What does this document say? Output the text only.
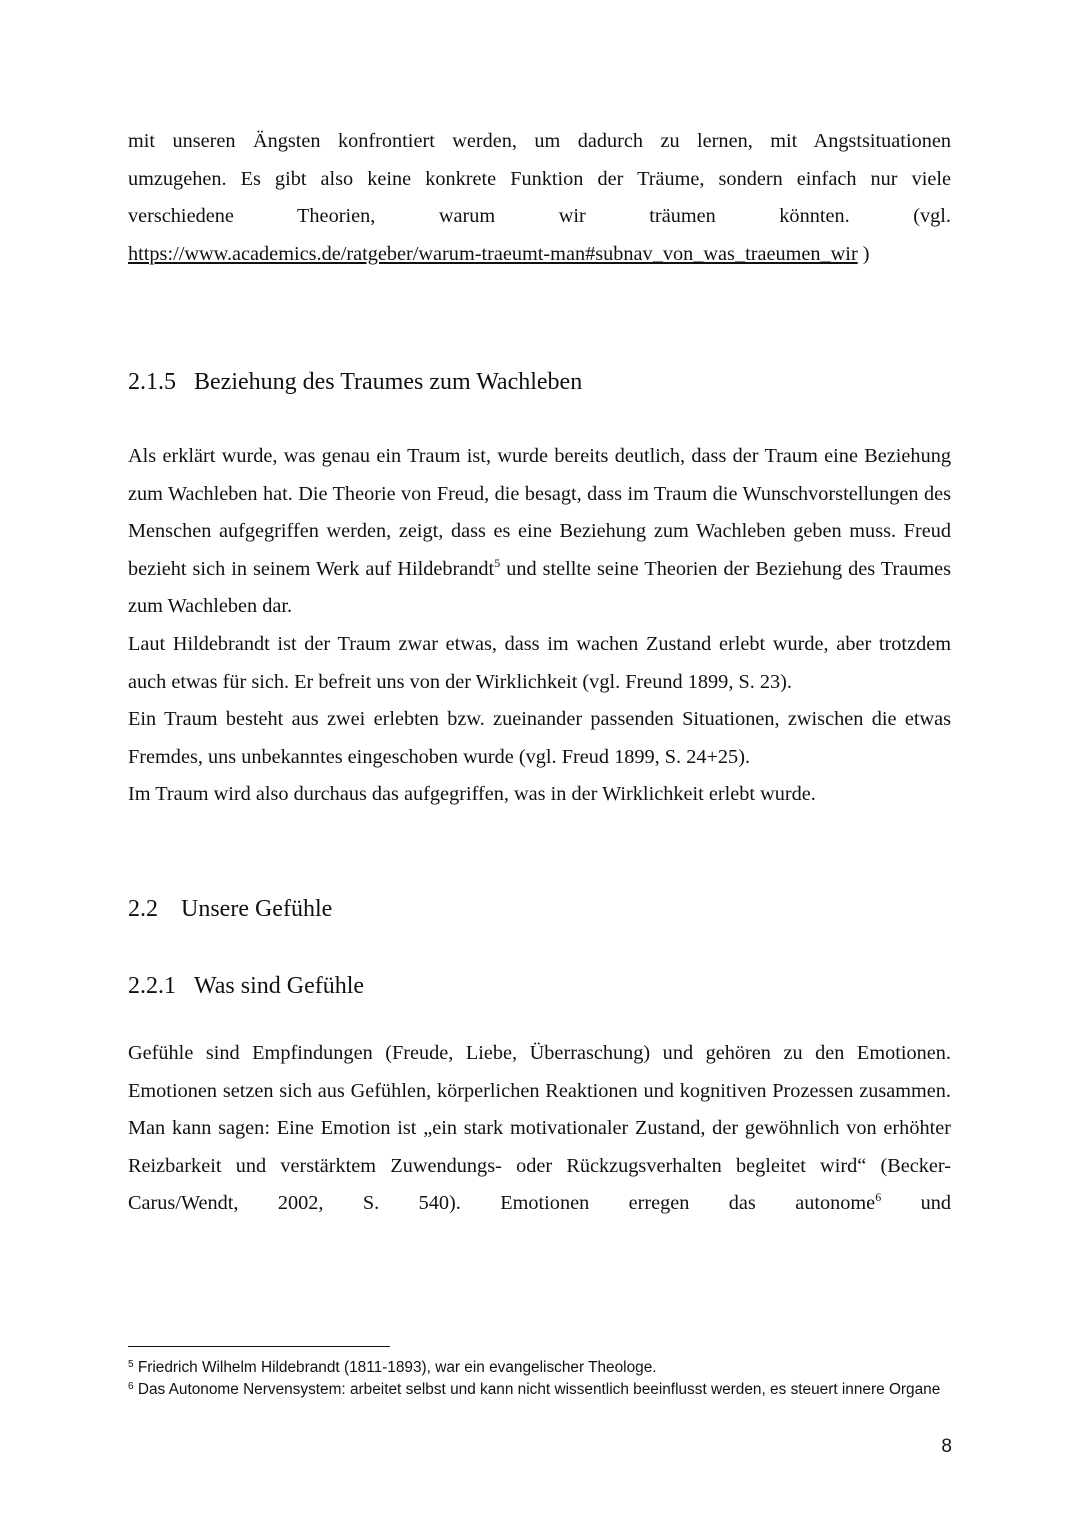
mit unseren Ängsten konfrontiert werden, um dadurch zu lernen, mit Angstsituationen

umzugehen. Es gibt also keine konkrete Funktion der Träume, sondern einfach nur viele

verschiedene Theorien, warum wir träumen könnten. (vgl.

https://www.academics.de/ratgeber/warum-traeumt-man#subnav_von_was_traeumen_wir )

2.1.5 Beziehung des Traumes zum Wachleben

Als erklärt wurde, was genau ein Traum ist, wurde bereits deutlich, dass der Traum eine Beziehung zum Wachleben hat. Die Theorie von Freud, die besagt, dass im Traum die Wunschvorstellungen des Menschen aufgegriffen werden, zeigt, dass es eine Beziehung zum Wachleben geben muss. Freud bezieht sich in seinem Werk auf Hildebrandt$^5$ und stellte seine Theorien der Beziehung des Traumes zum Wachleben dar.

Laut Hildebrandt ist der Traum zwar etwas, dass im wachen Zustand erlebt wurde, aber trotzdem auch etwas für sich. Er befreit uns von der Wirklichkeit (vgl. Freund 1899, S. 23).

Ein Traum besteht aus zwei erlebten bzw. zueinander passenden Situationen, zwischen die etwas Fremdes, uns unbekanntes eingeschoben wurde (vgl. Freud 1899, S. 24+25).

Im Traum wird also durchaus das aufgegriffen, was in der Wirklichkeit erlebt wurde.

2.2 Unsere Gefühle
2.2.1 Was sind Gefühle

Gefühle sind Empfindungen (Freude, Liebe, Überraschung) und gehören zu den Emotionen. Emotionen setzen sich aus Gefühlen, körperlichen Reaktionen und kognitiven Prozessen zusammen. Man kann sagen: Eine Emotion ist „ein stark motivationaler Zustand, der gewöhnlich von erhöhter Reizbarkeit und verstärktem Zuwendungs- oder Rückzugsverhalten begleitet wird“ (Becker-Carus/Wendt, 2002, S. 540). Emotionen erregen das autonome$^6$ und

$^5$ Friedrich Wilhelm Hildebrandt (1811-1893), war ein evangelischer Theologe.

$^6$ Das Autonome Nervensystem: arbeitet selbst und kann nicht wissentlich beeinflusst werden, es steuert innere Organe

8
